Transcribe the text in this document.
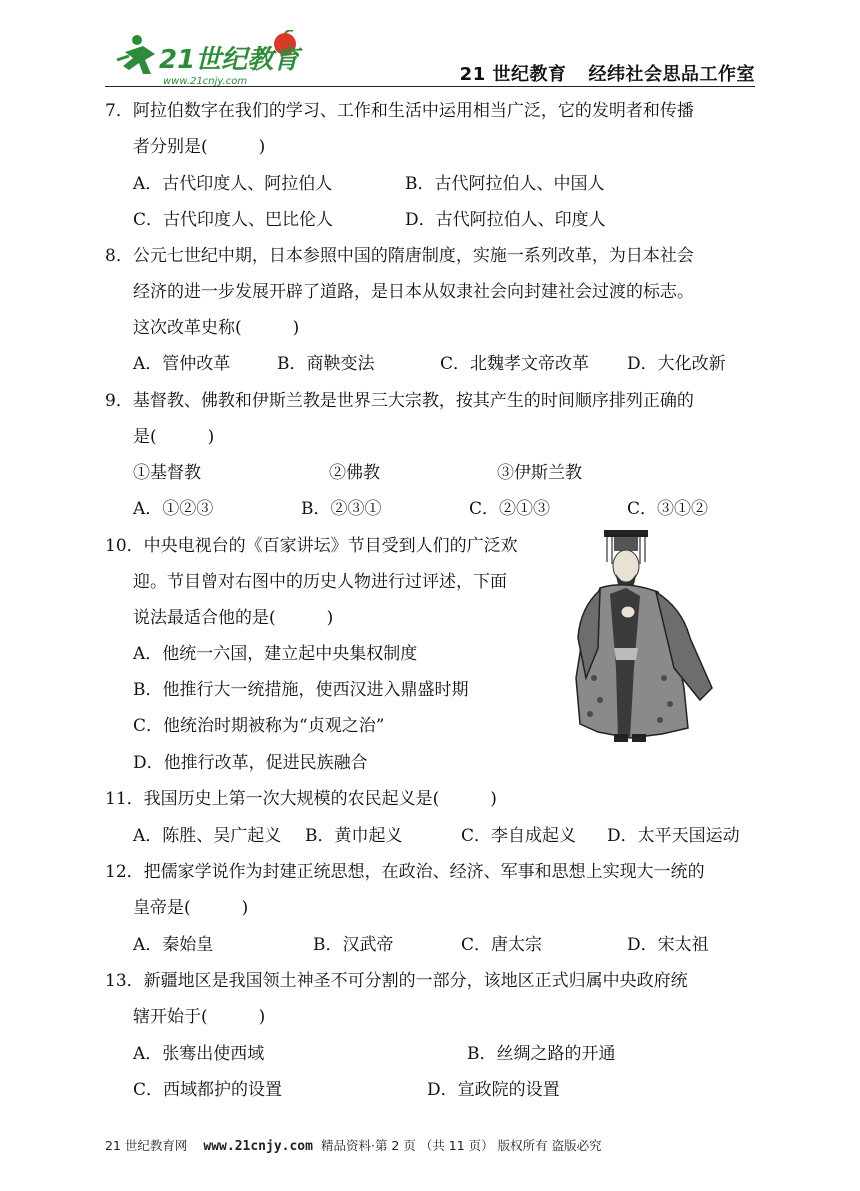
21世纪教育
www.21cnjy.com	21 世纪教育 经纬社会思品工作室
7．阿拉伯数字在我们的学习、工作和生活中运用相当广泛，它的发明者和传播
者分别是(　　　)
A．古代印度人、阿拉伯人	B．古代阿拉伯人、中国人
C．古代印度人、巴比伦人	D．古代阿拉伯人、印度人
8．公元七世纪中期，日本参照中国的隋唐制度，实施一系列改革，为日本社会
经济的进一步发展开辟了道路，是日本从奴隶社会向封建社会过渡的标志。
这次改革史称(　　　)
A．管仲改革	B．商鞅变法	C．北魏孝文帝改革 D．大化改新
9．基督教、佛教和伊斯兰教是世界三大宗教，按其产生的时间顺序排列正确的
是(　　　)
①基督教	②佛教	③伊斯兰教
A．①②③	B．②③①	C．②①③	C．③①②
10．中央电视台的《百家讲坛》节目受到人们的广泛欢
迎。节目曾对右图中的历史人物进行过评述，下面
说法最适合他的是(　　　)
A．他统一六国，建立起中央集权制度
B．他推行大一统措施，使西汉进入鼎盛时期
C．他统治时期被称为“贞观之治”
D．他推行改革，促进民族融合
11．我国历史上第一次大规模的农民起义是(　　　)
A．陈胜、吴广起义 B．黄巾起义	C．李自成起义 D．太平天国运动
12．把儒家学说作为封建正统思想，在政治、经济、军事和思想上实现大一统的
皇帝是(　　　)
A．秦始皇	B．汉武帝	C．唐太宗	D．宋太祖
13．新疆地区是我国领土神圣不可分割的一部分，该地区正式归属中央政府统
辖开始于(　　　)
A．张骞出使西域	B．丝绸之路的开通
C．西域都护的设置	D．宣政院的设置
21 世纪教育网 www.21cnjy.com 精品资料·第 2 页 （共 11 页） 版权所有 盗版必究
